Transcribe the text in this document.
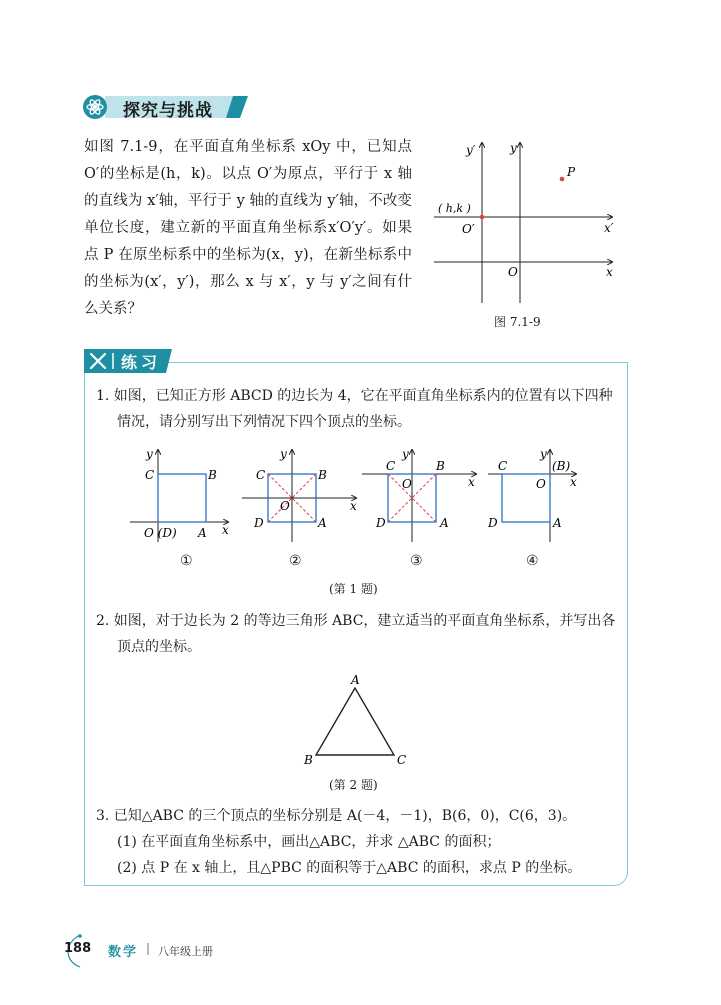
探究与挑战
如图 7.1-9，在平面直角坐标系 xOy 中，已知点 O′的坐标是(h，k)。以点 O′为原点，平行于 x 轴的直线为 x′轴，平行于 y 轴的直线为 y′轴，不改变单位长度，建立新的平面直角坐标系x′O′y′。如果点 P 在原坐标系中的坐标为(x，y)，在新坐标系中的坐标为(x′，y′)，那么 x 与 x′，y 与 y′之间有什么关系？
y′	y
P
( h,k )
O′	x′
O	x
图 7.1-9
练习
1. 如图，已知正方形 ABCD 的边长为 4，它在平面直角坐标系内的位置有以下四种
情况，请分别写出下列情况下四个顶点的坐标。
y
C	B
O (D) A x
①
y
C	B
O	x
D	A
②
y
C	B
O	x
D	A
③
C
y
(B)
O x
D	A
④
(第 1 题)
2. 如图，对于边长为 2 的等边三角形 ABC，建立适当的平面直角坐标系，并写出各
顶点的坐标。
A
B	C
(第 2 题)
3. 已知△ABC 的三个顶点的坐标分别是 A(－4，－1)，B(6，0)，C(6，3)。
(1) 在平面直角坐标系中，画出△ABC，并求 △ABC 的面积；
(2) 点 P 在 x 轴上，且△PBC 的面积等于△ABC 的面积，求点 P 的坐标。
188 数学 八年级上册
